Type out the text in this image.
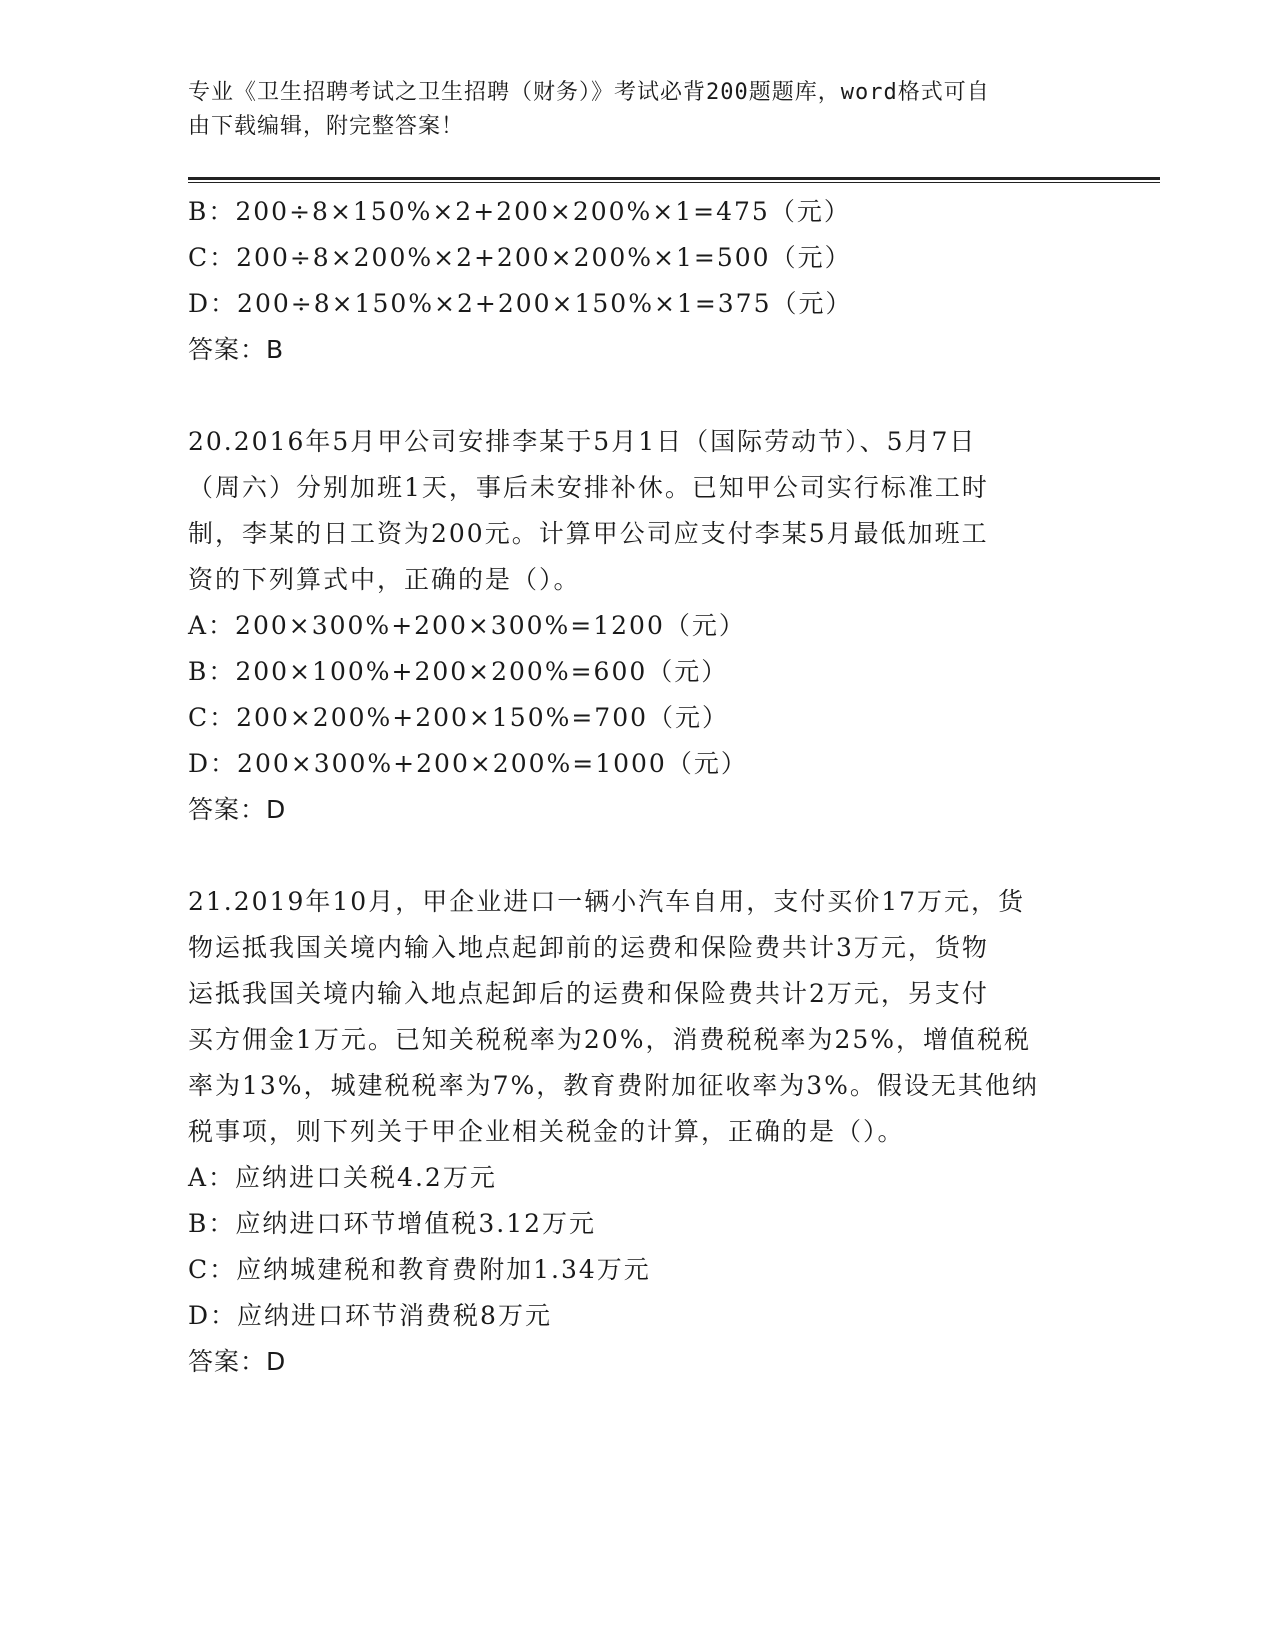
专业《卫生招聘考试之卫生招聘（财务）》考试必背200题题库，word格式可自
由下载编辑，附完整答案！
B：200÷8×150%×2+200×200%×1=475（元）
C：200÷8×200%×2+200×200%×1=500（元）
D：200÷8×150%×2+200×150%×1=375（元）
答案：B
20.2016年5月甲公司安排李某于5月1日（国际劳动节）、5月7日
（周六）分别加班1天，事后未安排补休。已知甲公司实行标准工时
制，李某的日工资为200元。计算甲公司应支付李某5月最低加班工
资的下列算式中，正确的是（）。
A：200×300%+200×300%=1200（元）
B：200×100%+200×200%=600（元）
C：200×200%+200×150%=700（元）
D：200×300%+200×200%=1000（元）
答案：D
21.2019年10月，甲企业进口一辆小汽车自用，支付买价17万元，货
物运抵我国关境内输入地点起卸前的运费和保险费共计3万元，货物
运抵我国关境内输入地点起卸后的运费和保险费共计2万元，另支付
买方佣金1万元。已知关税税率为20%，消费税税率为25%，增值税税
率为13%，城建税税率为7%，教育费附加征收率为3%。假设无其他纳
税事项，则下列关于甲企业相关税金的计算，正确的是（）。
A：应纳进口关税4.2万元
B：应纳进口环节增值税3.12万元
C：应纳城建税和教育费附加1.34万元
D：应纳进口环节消费税8万元
答案：D
